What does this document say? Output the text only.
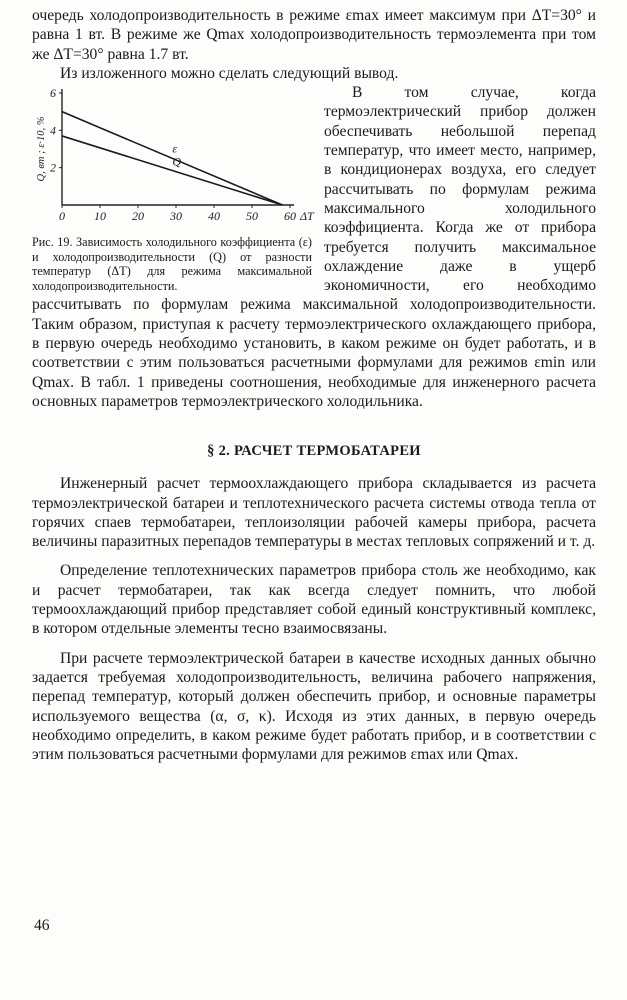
очередь холодопроизводительность в режиме εmax имеет максимум при ΔT=30° и равна 1 вт. В режиме же Qmax холодопроизводительность термоэлемента при том же ΔT=30° равна 1.7 вт.

Из изложенного можно сделать следующий вывод.

0 10 20 30 40 50 60 ΔT
2
4
6
Q, вт ; ε·10, %	ε
Q
Рис. 19. Зависимость холодильного коэффициента (ε) и холодопроизводительности (Q) от разности температур (ΔT) для режима максимальной холодопроизводительности.

В том случае, когда термоэлектрический прибор должен обеспечивать небольшой перепад температур, что имеет место, например, в кондиционерах воздуха, его следует рассчитывать по формулам режима максимального холодильного коэффициента. Когда же от прибора требуется получить максимальное охлаждение даже в ущерб экономичности, его необходимо рассчитывать по формулам режима максимальной холодопроизводительности. Таким образом, приступая к расчету термоэлектрического охлаждающего прибора, в первую очередь необходимо установить, в каком режиме он будет работать, и в соответствии с этим пользоваться расчетными формулами для режимов εmin или Qmax. В табл. 1 приведены соотношения, необходимые для инженерного расчета основных параметров термоэлектрического холодильника.

§ 2. РАСЧЕТ ТЕРМОБАТАРЕИ

Инженерный расчет термоохлаждающего прибора складывается из расчета термоэлектрической батареи и теплотехнического расчета системы отвода тепла от горячих спаев термобатареи, теплоизоляции рабочей камеры прибора, расчета величины паразитных перепадов температуры в местах тепловых сопряжений и т. д.

Определение теплотехнических параметров прибора столь же необходимо, как и расчет термобатареи, так как всегда следует помнить, что любой термоохлаждающий прибор представляет собой единый конструктивный комплекс, в котором отдельные элементы тесно взаимосвязаны.

При расчете термоэлектрической батареи в качестве исходных данных обычно задается требуемая холодопроизводительность, величина рабочего напряжения, перепад температур, который должен обеспечить прибор, и основные параметры используемого вещества (α, σ, κ). Исходя из этих данных, в первую очередь необходимо определить, в каком режиме будет работать прибор, и в соответствии с этим пользоваться расчетными формулами для режимов εmax или Qmax.

46
